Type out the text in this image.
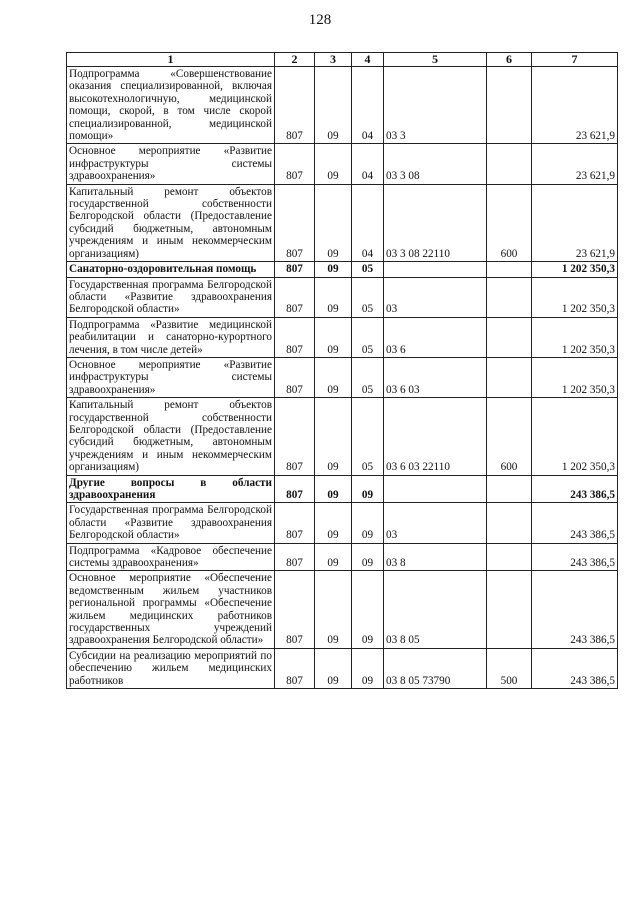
128
1	2	3	4	5	6	7
Подпрограмма «Совершенствование оказания специализированной, включая высокотехнологичную, медицинской помощи, скорой, в том числе скорой специализированной, медицинской помощи»	807	09	04	03 3		23 621,9
Основное мероприятие «Развитие инфраструктуры системы здравоохранения»	807	09	04	03 3 08		23 621,9
Капитальный ремонт объектов государственной собственности Белгородской области (Предоставление субсидий бюджетным, автономным учреждениям и иным некоммерческим организациям)	807	09	04	03 3 08 22110	600	23 621,9
Санаторно-оздоровительная помощь	807	09	05			1 202 350,3
Государственная программа Белгородской области «Развитие здравоохранения Белгородской области»	807	09	05	03		1 202 350,3
Подпрограмма «Развитие медицинской реабилитации и санаторно-курортного лечения, в том числе детей»	807	09	05	03 6		1 202 350,3
Основное мероприятие «Развитие инфраструктуры системы здравоохранения»	807	09	05	03 6 03		1 202 350,3
Капитальный ремонт объектов государственной собственности Белгородской области (Предоставление субсидий бюджетным, автономным учреждениям и иным некоммерческим организациям)	807	09	05	03 6 03 22110	600	1 202 350,3
Другие вопросы в области здравоохранения	807	09	09			243 386,5
Государственная программа Белгородской области «Развитие здравоохранения Белгородской области»	807	09	09	03		243 386,5
Подпрограмма «Кадровое обеспечение системы здравоохранения»	807	09	09	03 8		243 386,5
Основное мероприятие «Обеспечение ведомственным жильем участников региональной программы «Обеспечение жильем медицинских работников государственных учреждений здравоохранения Белгородской области»	807	09	09	03 8 05		243 386,5
Субсидии на реализацию мероприятий по обеспечению жильем медицинских работников	807	09	09	03 8 05 73790	500	243 386,5
